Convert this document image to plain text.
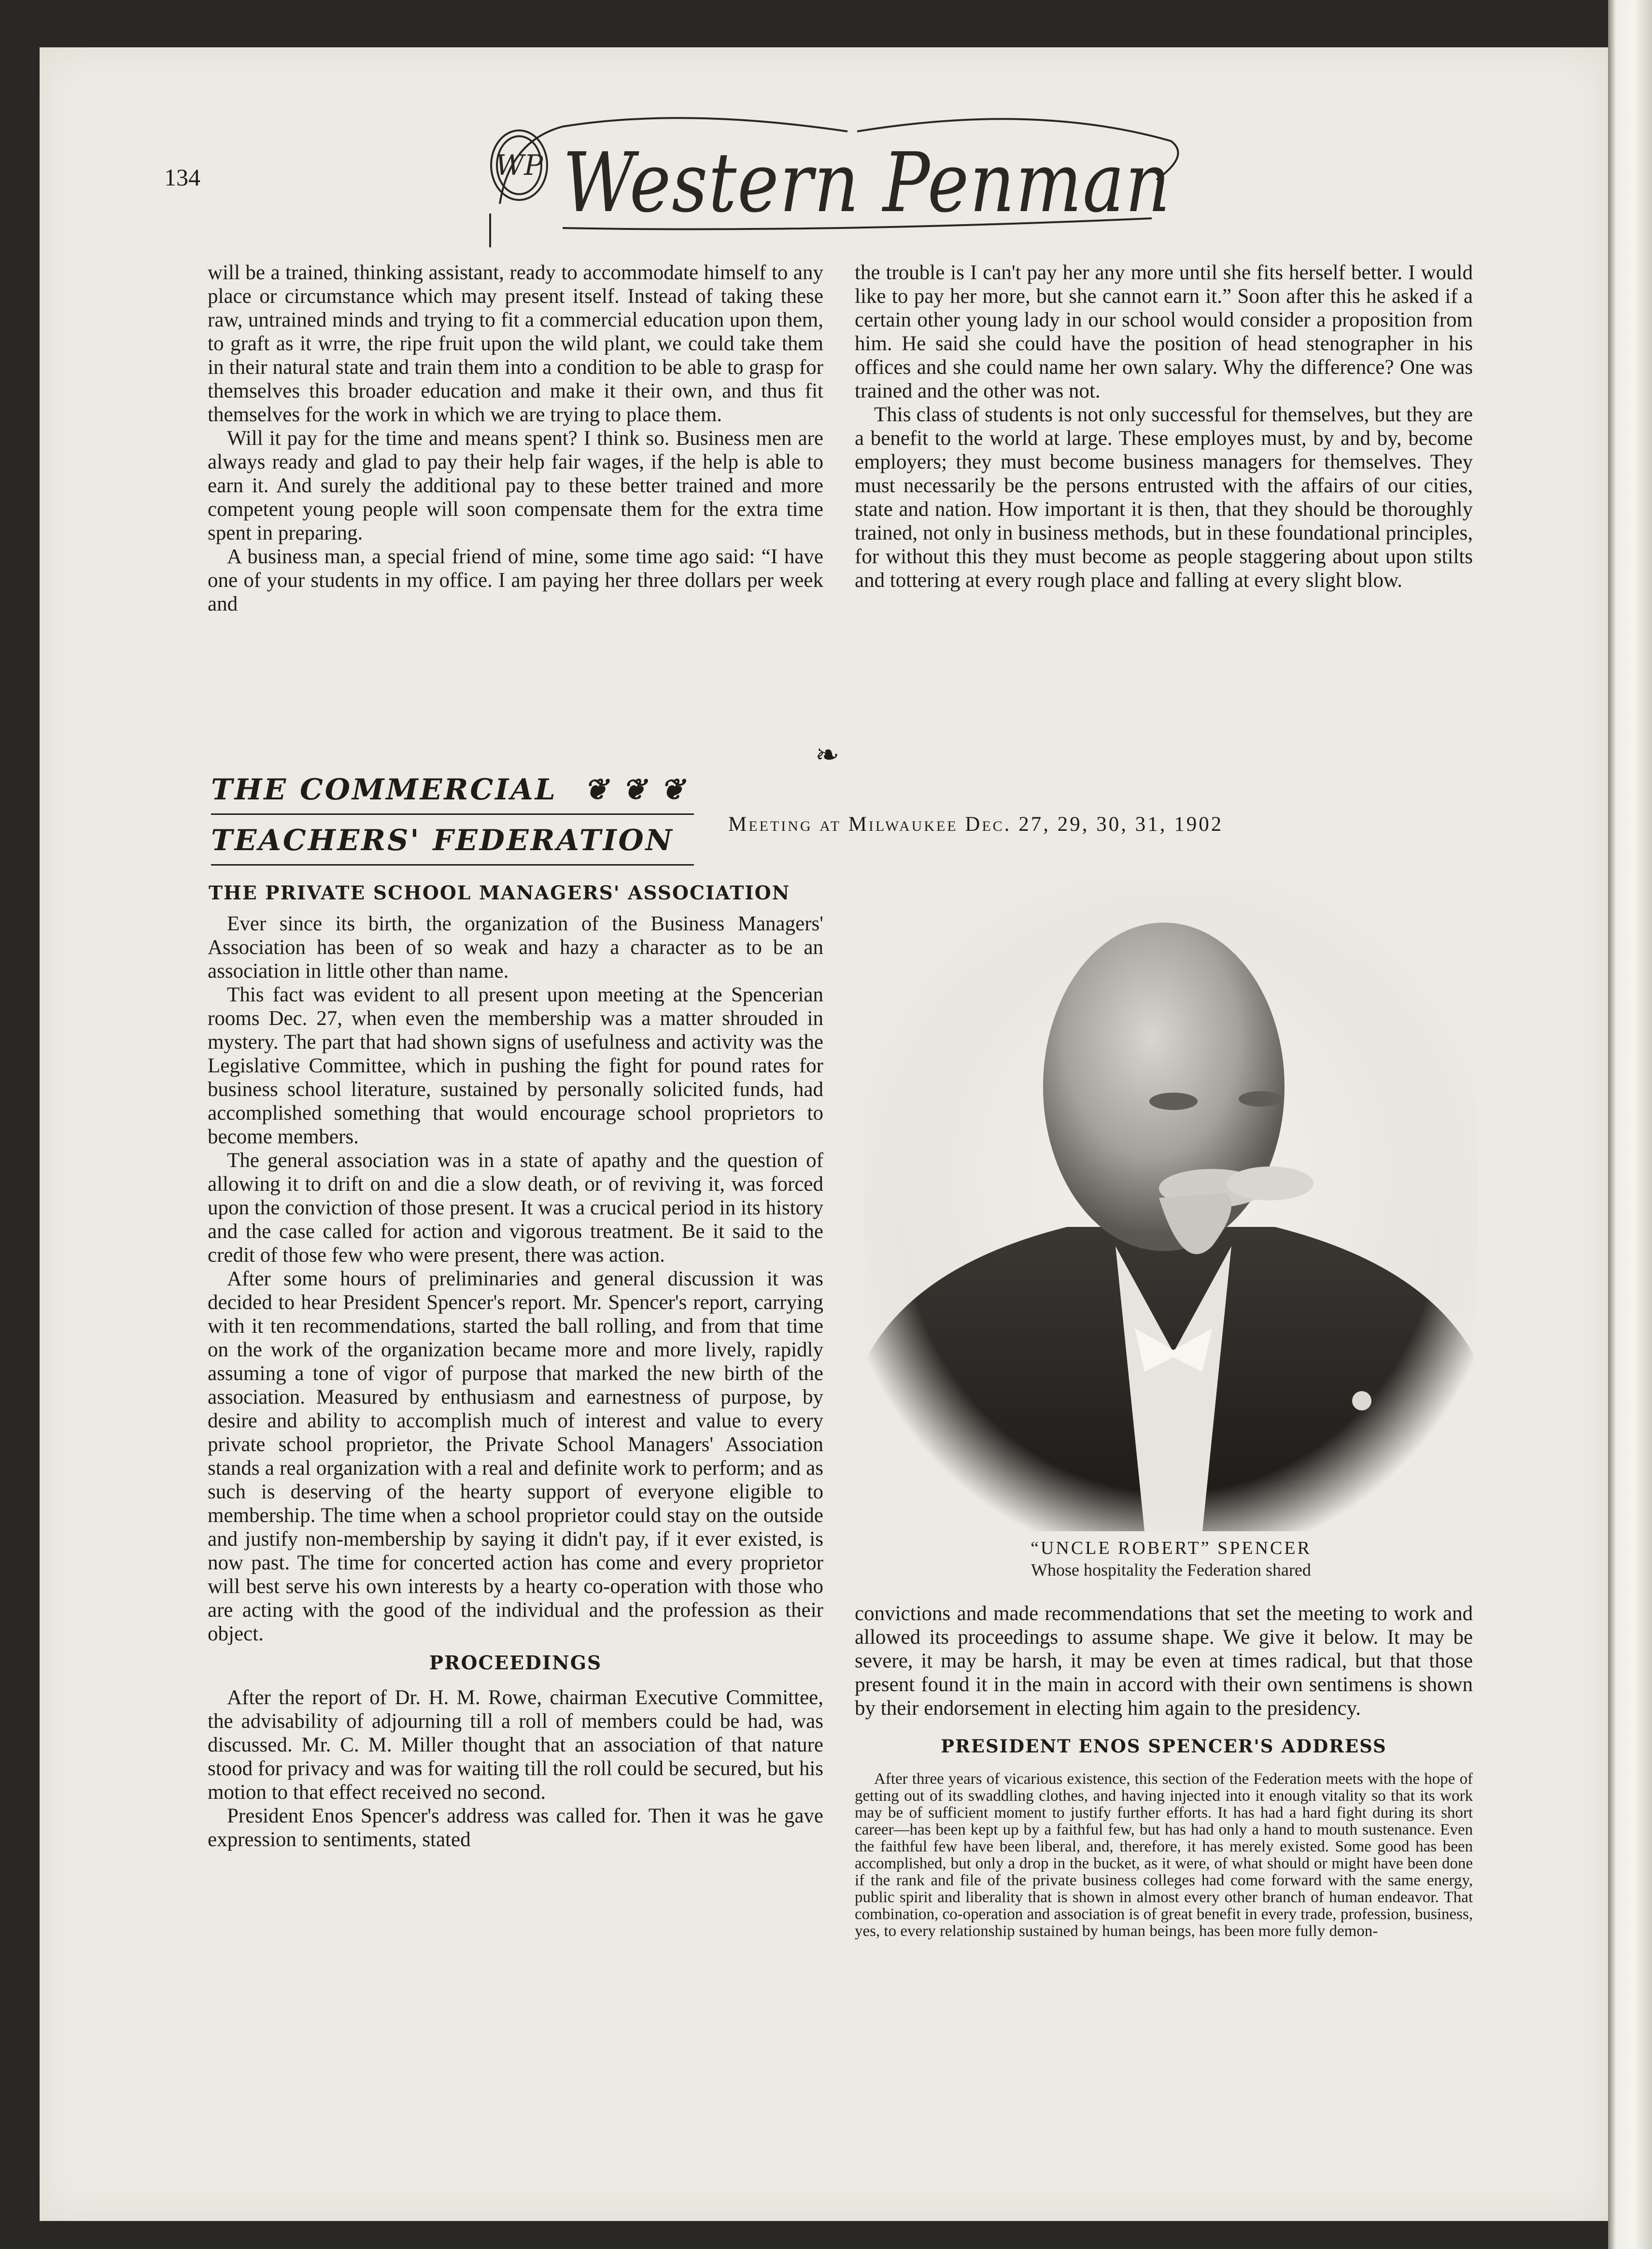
134	WP Western Penman

will be a trained, thinking assistant, ready to accommodate himself to any place or circumstance which may present itself. Instead of taking these raw, untrained minds and trying to fit a commercial education upon them, to graft as it wrre, the ripe fruit upon the wild plant, we could take them in their natural state and train them into a condition to be able to grasp for themselves this broader education and make it their own, and thus fit themselves for the work in which we are trying to place them.

Will it pay for the time and means spent? I think so. Business men are always ready and glad to pay their help fair wages, if the help is able to earn it. And surely the additional pay to these better trained and more competent young people will soon compensate them for the extra time spent in preparing.

A business man, a special friend of mine, some time ago said: “I have one of your students in my office. I am paying her three dollars per week and

the trouble is I can't pay her any more until she fits herself better. I would like to pay her more, but she cannot earn it.” Soon after this he asked if a certain other young lady in our school would consider a proposition from him. He said she could have the position of head stenographer in his offices and she could name her own salary. Why the difference? One was trained and the other was not.

This class of students is not only successful for themselves, but they are a benefit to the world at large. These employes must, by and by, become employers; they must become business managers for themselves. They must necessarily be the persons entrusted with the affairs of our cities, state and nation. How important it is then, that they should be thoroughly trained, not only in business methods, but in these foundational principles, for without this they must become as people staggering about upon stilts and tottering at every rough place and falling at every slight blow.

❧
THE COMMERCIAL ❦ ❦ ❦
TEACHERS' FEDERATION	Meeting at Milwaukee Dec. 27, 29, 30, 31, 1902
THE PRIVATE SCHOOL MANAGERS' ASSOCIATION

Ever since its birth, the organization of the Business Managers' Association has been of so weak and hazy a character as to be an association in little other than name.

This fact was evident to all present upon meeting at the Spencerian rooms Dec. 27, when even the membership was a matter shrouded in mystery. The part that had shown signs of usefulness and activity was the Legislative Committee, which in pushing the fight for pound rates for business school literature, sustained by personally solicited funds, had accomplished something that would encourage school proprietors to become members.

The general association was in a state of apathy and the question of allowing it to drift on and die a slow death, or of reviving it, was forced upon the conviction of those present. It was a crucical period in its history and the case called for action and vigorous treatment. Be it said to the credit of those few who were present, there was action.

After some hours of preliminaries and general discussion it was decided to hear President Spencer's report. Mr. Spencer's report, carrying with it ten recommendations, started the ball rolling, and from that time on the work of the organization became more and more lively, rapidly assuming a tone of vigor of purpose that marked the new birth of the association. Measured by enthusiasm and earnestness of purpose, by desire and ability to accomplish much of interest and value to every private school proprietor, the Private School Managers' Association stands a real organization with a real and definite work to perform; and as such is deserving of the hearty support of everyone eligible to membership. The time when a school proprietor could stay on the outside and justify non-membership by saying it didn't pay, if it ever existed, is now past. The time for concerted action has come and every proprietor will best serve his own interests by a hearty co-operation with those who are acting with the good of the individual and the profession as their object.

PROCEEDINGS

After the report of Dr. H. M. Rowe, chairman Executive Committee, the advisability of adjourning till a roll of members could be had, was discussed. Mr. C. M. Miller thought that an association of that nature stood for privacy and was for waiting till the roll could be secured, but his motion to that effect received no second.

President Enos Spencer's address was called for. Then it was he gave expression to sentiments, stated

“UNCLE ROBERT” SPENCER
Whose hospitality the Federation shared

convictions and made recommendations that set the meeting to work and allowed its proceedings to assume shape. We give it below. It may be severe, it may be harsh, it may be even at times radical, but that those present found it in the main in accord with their own sentimens is shown by their endorsement in electing him again to the presidency.

PRESIDENT ENOS SPENCER'S ADDRESS

After three years of vicarious existence, this section of the Federation meets with the hope of getting out of its swaddling clothes, and having injected into it enough vitality so that its work may be of sufficient moment to justify further efforts. It has had a hard fight during its short career—has been kept up by a faithful few, but has had only a hand to mouth sustenance. Even the faithful few have been liberal, and, therefore, it has merely existed. Some good has been accomplished, but only a drop in the bucket, as it were, of what should or might have been done if the rank and file of the private business colleges had come forward with the same energy, public spirit and liberality that is shown in almost every other branch of human endeavor. That combination, co-operation and association is of great benefit in every trade, profession, business, yes, to every relationship sustained by human beings, has been more fully demon-
